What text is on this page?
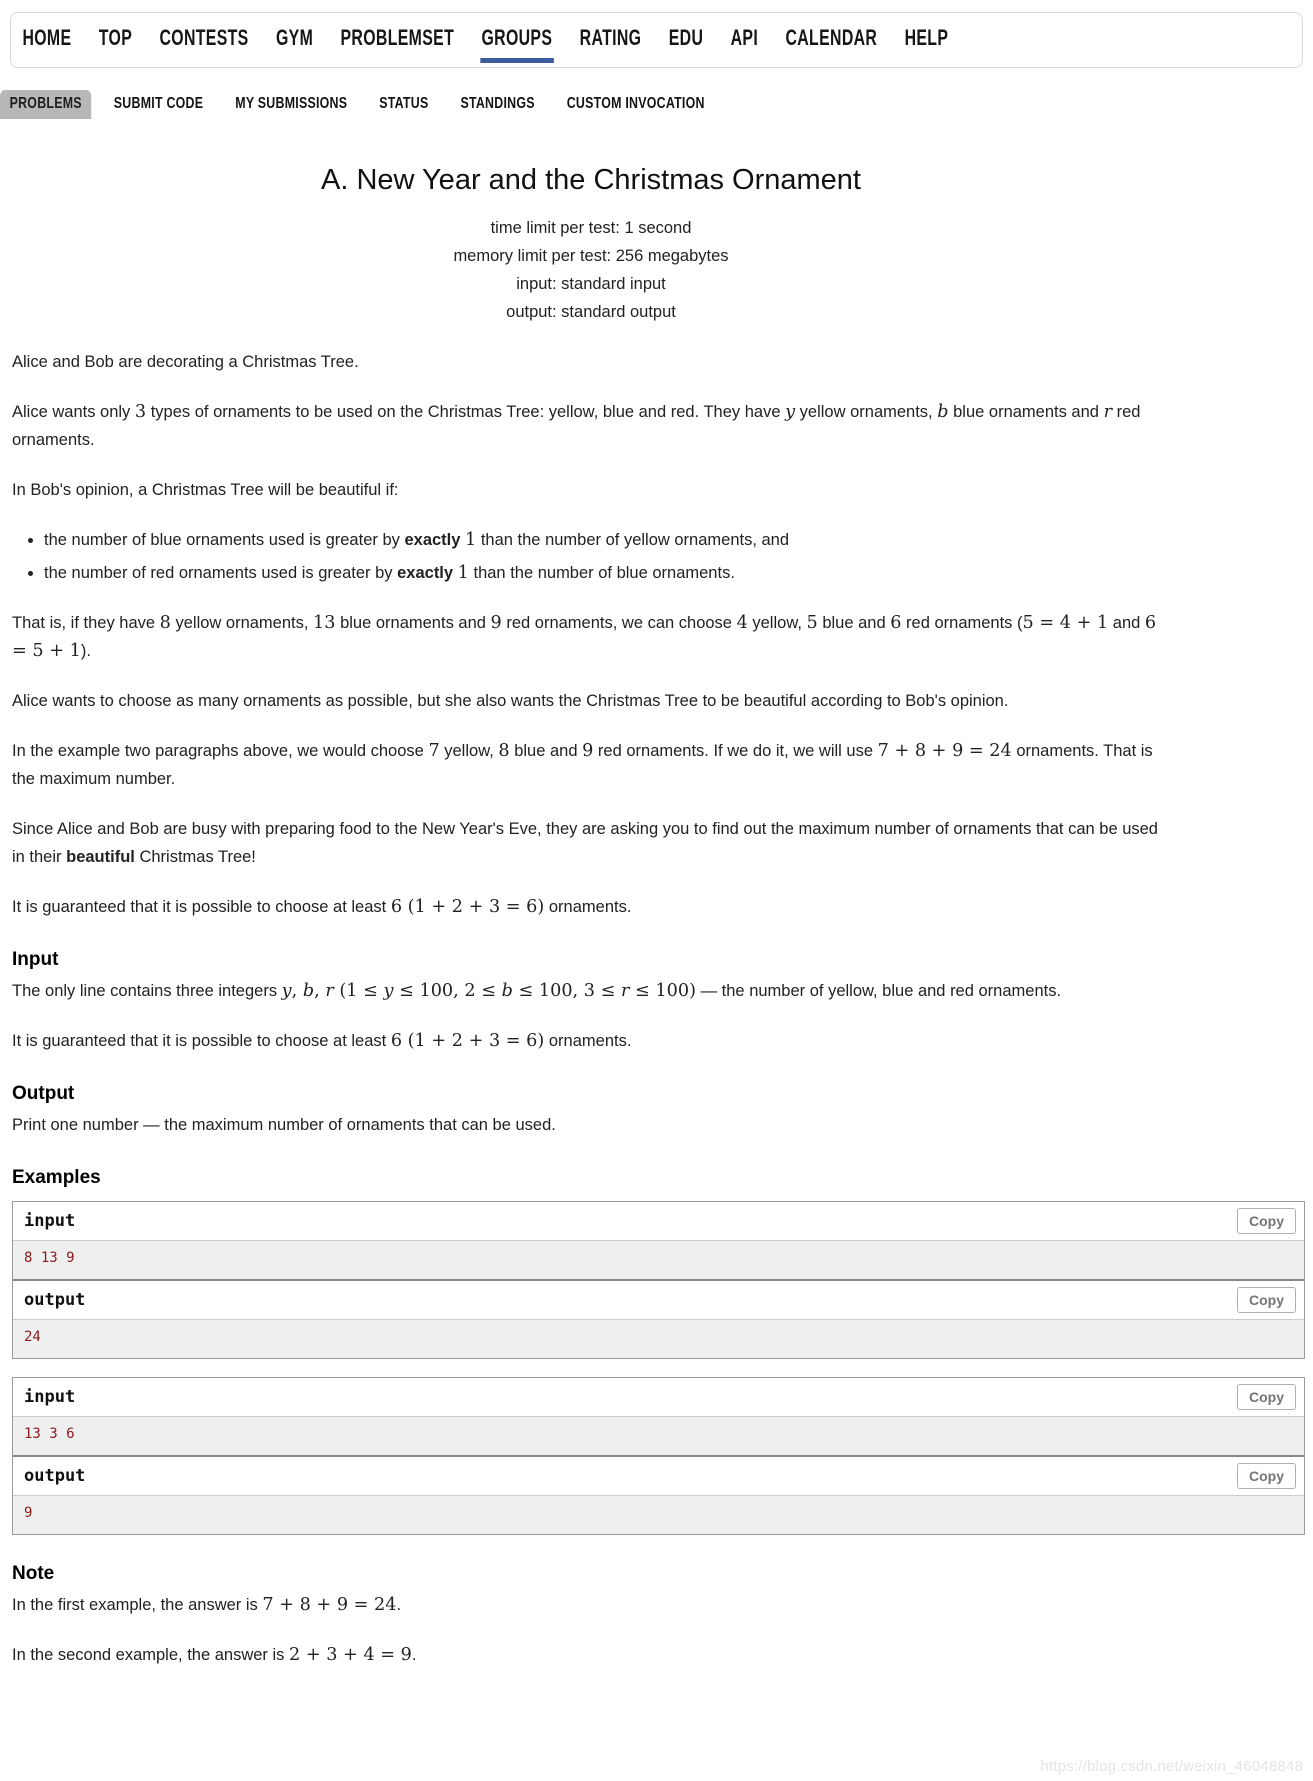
HOME TOP CONTESTS GYM PROBLEMSET GROUPS RATING EDU API CALENDAR HELP
PROBLEMS	SUBMIT CODE	MY SUBMISSIONS	STATUS	STANDINGS	CUSTOM INVOCATION
A. New Year and the Christmas Ornament
time limit per test: 1 second
memory limit per test: 256 megabytes
input: standard input
output: standard output

Alice and Bob are decorating a Christmas Tree.

Alice wants only 3 types of ornaments to be used on the Christmas Tree: yellow, blue and red. They have y yellow ornaments, b blue ornaments and r red ornaments.

In Bob's opinion, a Christmas Tree will be beautiful if:

• the number of blue ornaments used is greater by exactly 1 than the number of yellow ornaments, and
• the number of red ornaments used is greater by exactly 1 than the number of blue ornaments.

That is, if they have 8 yellow ornaments, 13 blue ornaments and 9 red ornaments, we can choose 4 yellow, 5 blue and 6 red ornaments (5 = 4 + 1 and 6 = 5 + 1).

Alice wants to choose as many ornaments as possible, but she also wants the Christmas Tree to be beautiful according to Bob's opinion.

In the example two paragraphs above, we would choose 7 yellow, 8 blue and 9 red ornaments. If we do it, we will use 7 + 8 + 9 = 24 ornaments. That is the maximum number.

Since Alice and Bob are busy with preparing food to the New Year's Eve, they are asking you to find out the maximum number of ornaments that can be used in their beautiful Christmas Tree!

It is guaranteed that it is possible to choose at least 6 (1 + 2 + 3 = 6) ornaments.

Input

The only line contains three integers y, b, r (1 ≤ y ≤ 100, 2 ≤ b ≤ 100, 3 ≤ r ≤ 100) — the number of yellow, blue and red ornaments.

It is guaranteed that it is possible to choose at least 6 (1 + 2 + 3 = 6) ornaments.

Output

Print one number — the maximum number of ornaments that can be used.

Examples
input	Copy
8 13 9
output	Copy
24
input	Copy
13 3 6
output	Copy
9
Note

In the first example, the answer is 7 + 8 + 9 = 24.

In the second example, the answer is 2 + 3 + 4 = 9.

https://blog.csdn.net/weixin_46048848
